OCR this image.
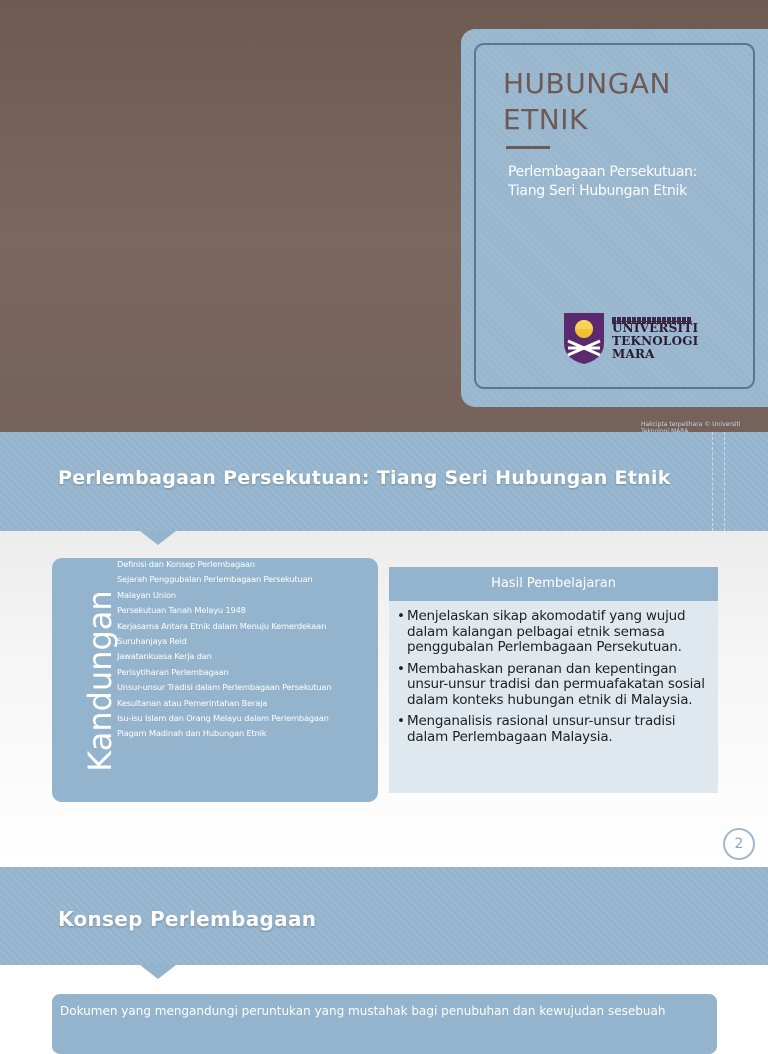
HUBUNGAN ETNIK
Perlembagaan Persekutuan: Tiang Seri Hubungan Etnik
UNIVERSITI TEKNOLOGI MARA
Hakcipta terpelihara © Universiti
Perlembagaan Persekutuan: Tiang Seri Hubungan Etnik
Kandungan
Definisi dan Konsep Perlembagaan
Sejarah Penggubalan Perlembagaan Persekutuan
Malayan Union
Persekutuan Tanah Melayu 1948
Kerjasama Antara Etnik dalam Menuju Kemerdekaan
Suruhanjaya Reid
Jawatankuasa Kerja dan
Perisytiharan Perlembagaan
Unsur-unsur Tradisi dalam Perlembagaan Persekutuan
Kesultanan atau Pemerintahan Beraja
Isu-isu Islam dan Orang Melayu dalam Perlembagaan
Piagam Madinah dan Hubungan Etnik
Hasil Pembelajaran
• Menjelaskan sikap akomodatif yang wujud dalam kalangan pelbagai etnik semasa penggubalan Perlembagaan Persekutuan.
• Membahaskan peranan dan kepentingan unsur-unsur tradisi dan permuafakatan sosial dalam konteks hubungan etnik di Malaysia.
• Menganalisis rasional unsur-unsur tradisi dalam Perlembagaan Malaysia.
2
Konsep Perlembagaan
Dokumen yang mengandungi peruntukan yang mustahak bagi penubuhan dan kewujudan sesebuah
